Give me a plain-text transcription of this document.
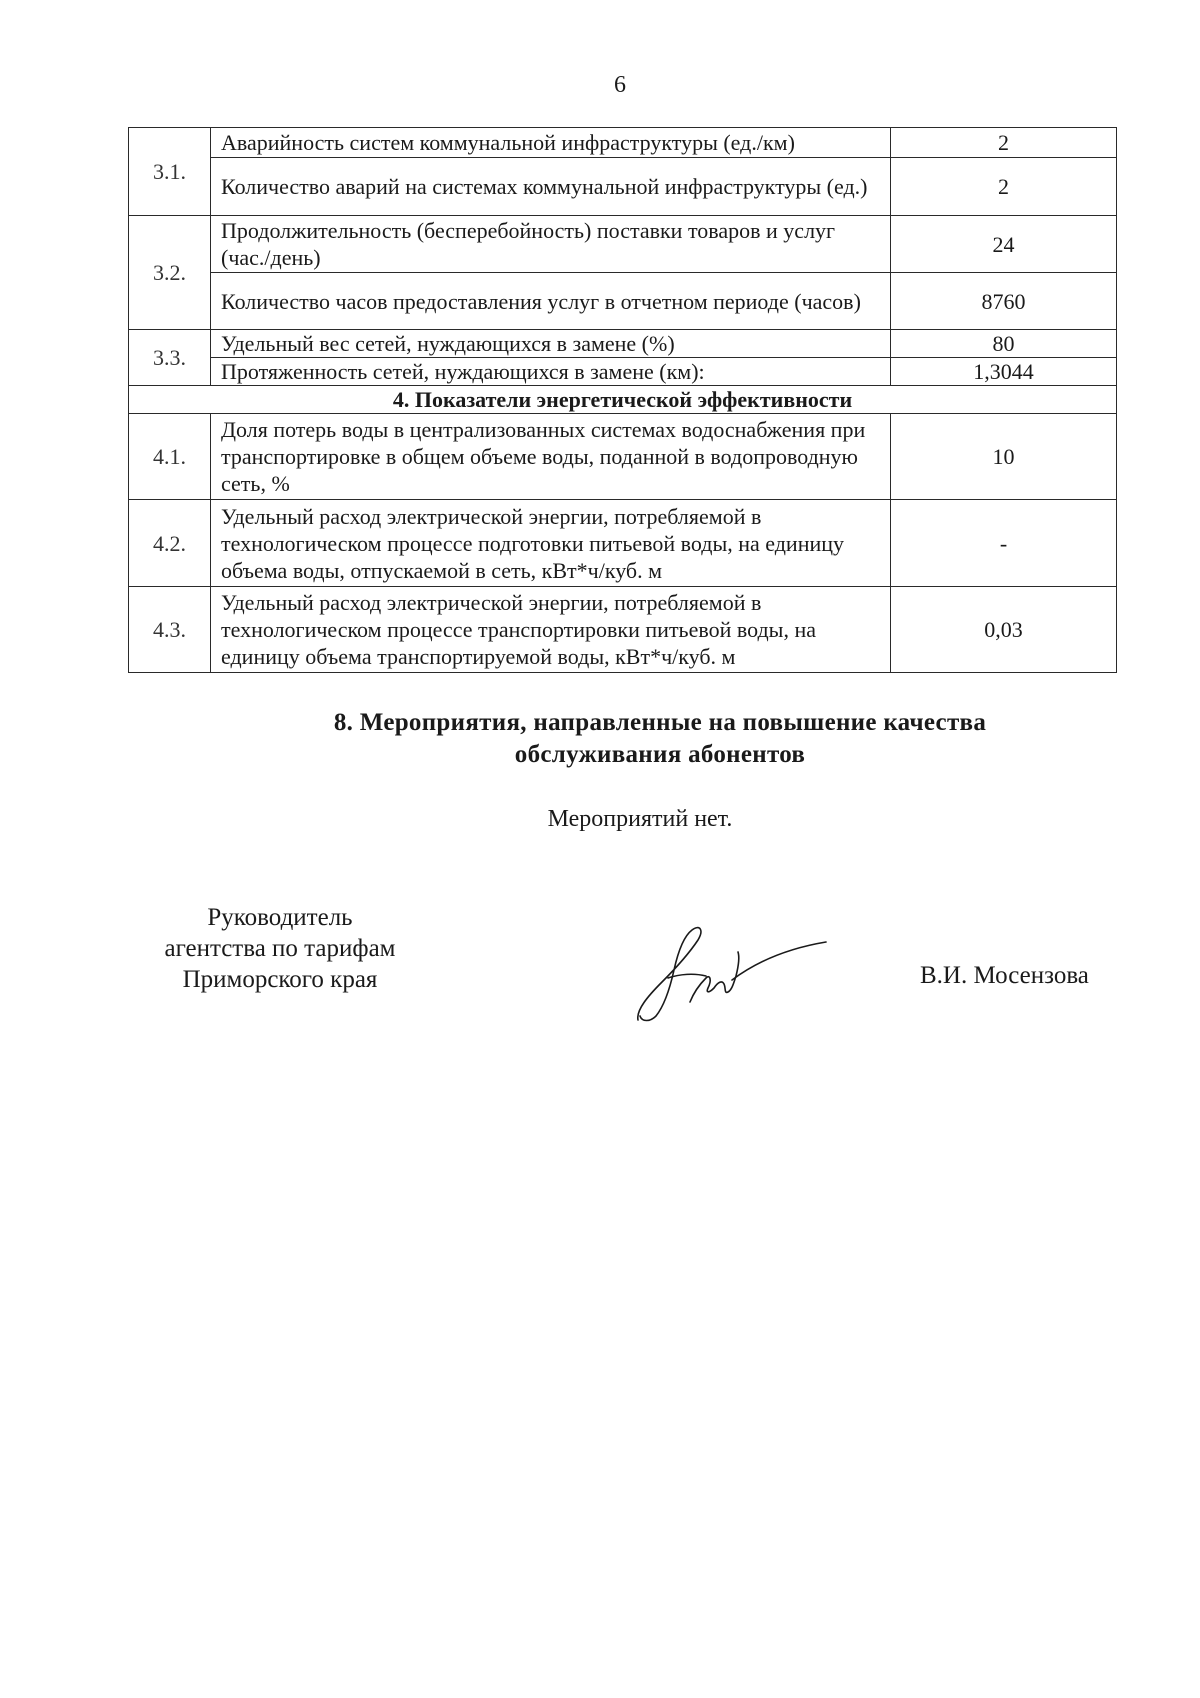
6
3.1.	Аварийность систем коммунальной инфраструктуры (ед./км)	2
	Количество аварий на системах коммунальной инфраструктуры (ед.)	2
3.2.	Продолжительность (бесперебойность) поставки товаров и услуг (час./день)	24
	Количество часов предоставления услуг в отчетном периоде (часов)	8760
3.3.	Удельный вес сетей, нуждающихся в замене (%)	80
	Протяженность сетей, нуждающихся в замене (км):	1,3044
4. Показатели энергетической эффективности		
4.1.	Доля потерь воды в централизованных системах водоснабжения при транспортировке в общем объеме воды, поданной в водопроводную сеть, %	10
4.2.	Удельный расход электрической энергии, потребляемой в технологическом процессе подготовки питьевой воды, на единицу объема воды, отпускаемой в сеть, кВт*ч/куб. м	-
4.3.	Удельный расход электрической энергии, потребляемой в технологическом процессе транспортировки питьевой воды, на единицу объема транспортируемой воды, кВт*ч/куб. м	0,03
8. Мероприятия, направленные на повышение качества
обслуживания абонентов
Мероприятий нет.
Руководитель
агентства по тарифам
Приморского края	В.И. Мосензова
